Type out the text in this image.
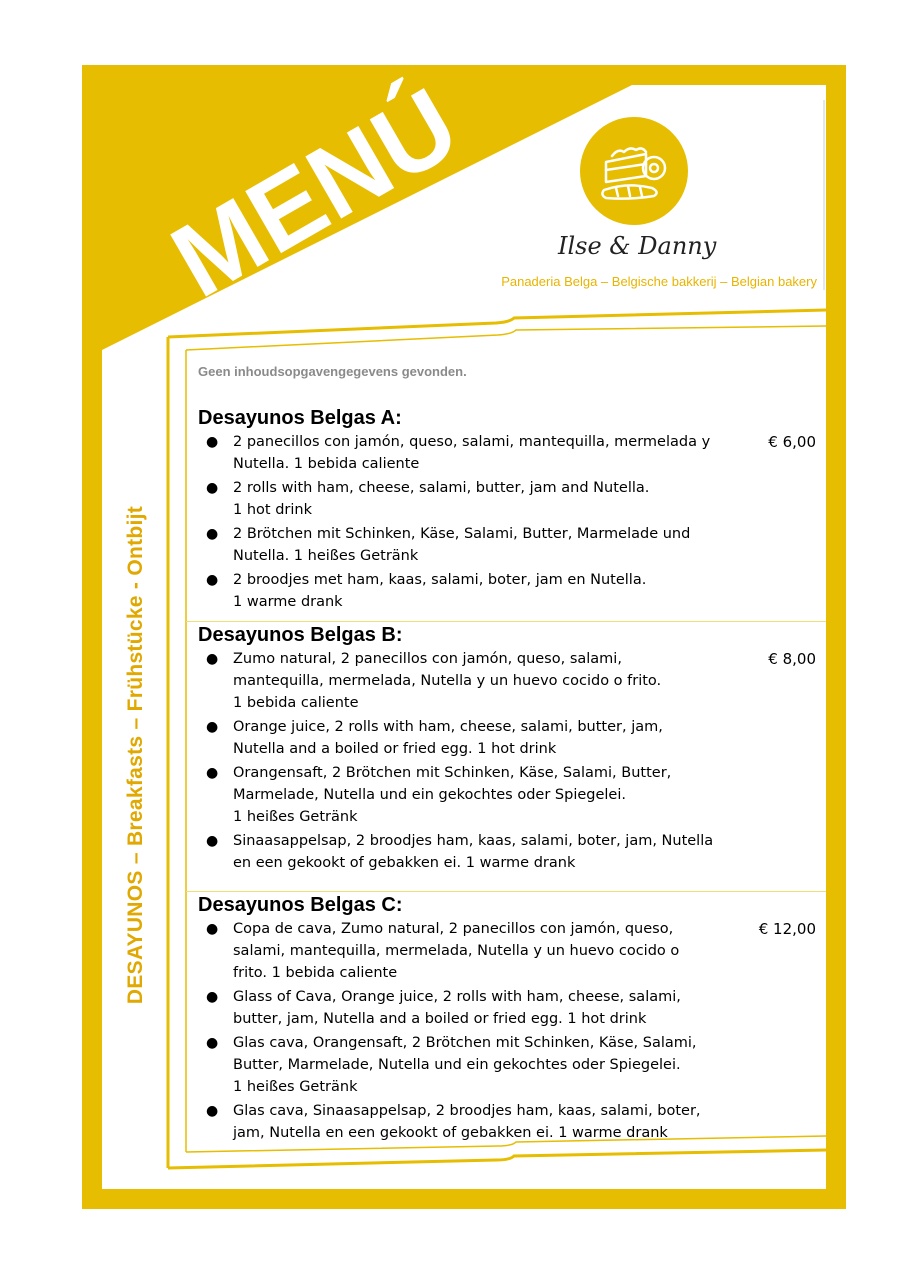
MENÚ	Ilse & Danny
Panaderia Belga – Belgische bakkerij – Belgian bakery
DESAYUNOS – Breakfasts – Frühstücke - Ontbijt
Geen inhoudsopgavengegevens gevonden.
Desayunos Belgas A:
€ 6,00
● 2 panecillos con jamón, queso, salami, mantequilla, mermelada y
Nutella. 1 bebida caliente
● 2 rolls with ham, cheese, salami, butter, jam and Nutella.
1 hot drink
● 2 Brötchen mit Schinken, Käse, Salami, Butter, Marmelade und
Nutella. 1 heißes Getränk
● 2 broodjes met ham, kaas, salami, boter, jam en Nutella.
1 warme drank
Desayunos Belgas B:
€ 8,00
● Zumo natural, 2 panecillos con jamón, queso, salami,
mantequilla, mermelada, Nutella y un huevo cocido o frito.
1 bebida caliente
● Orange juice, 2 rolls with ham, cheese, salami, butter, jam,
Nutella and a boiled or fried egg. 1 hot drink
● Orangensaft, 2 Brötchen mit Schinken, Käse, Salami, Butter,
Marmelade, Nutella und ein gekochtes oder Spiegelei.
1 heißes Getränk
● Sinaasappelsap, 2 broodjes ham, kaas, salami, boter, jam, Nutella
en een gekookt of gebakken ei. 1 warme drank
Desayunos Belgas C:
€ 12,00
● Copa de cava, Zumo natural, 2 panecillos con jamón, queso,
salami, mantequilla, mermelada, Nutella y un huevo cocido o
frito. 1 bebida caliente
● Glass of Cava, Orange juice, 2 rolls with ham, cheese, salami,
butter, jam, Nutella and a boiled or fried egg. 1 hot drink
● Glas cava, Orangensaft, 2 Brötchen mit Schinken, Käse, Salami,
Butter, Marmelade, Nutella und ein gekochtes oder Spiegelei.
1 heißes Getränk
● Glas cava, Sinaasappelsap, 2 broodjes ham, kaas, salami, boter,
jam, Nutella en een gekookt of gebakken ei. 1 warme drank
